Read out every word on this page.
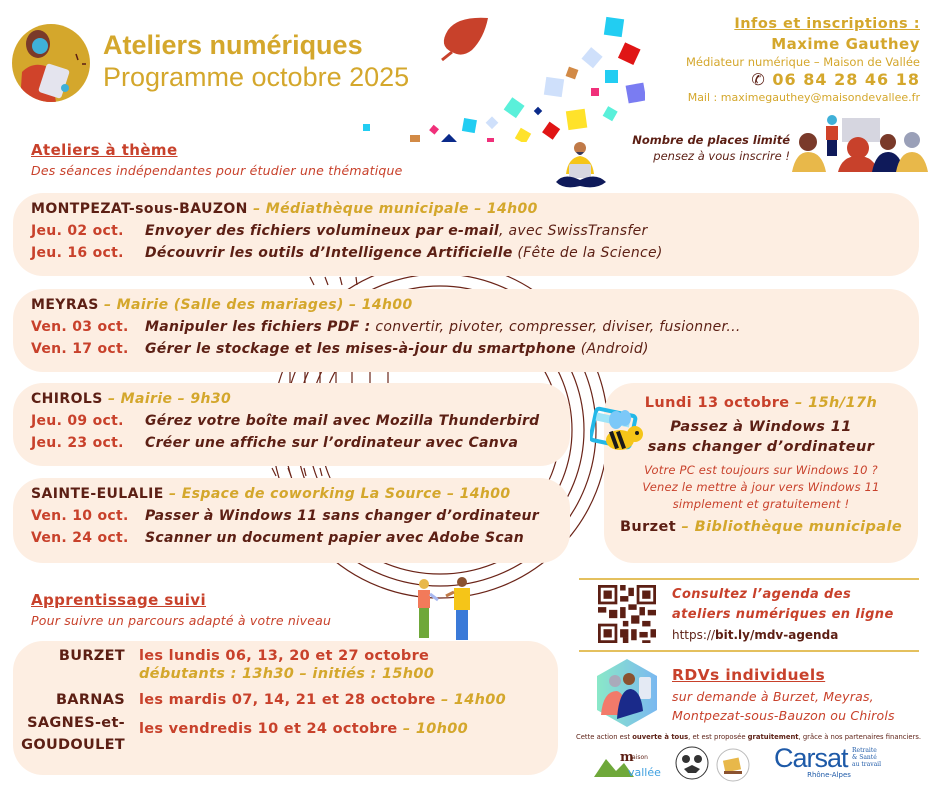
Ateliers numériques
Programme octobre 2025
Infos et inscriptions :
Maxime Gauthey
Médiateur numérique – Maison de Vallée
✆ 06 84 28 46 18
Mail : maximegauthey@maisondevallee.fr
Nombre de places limité
pensez à vous inscrire !
Ateliers à thème
Des séances indépendantes pour étudier une thématique
MONTPEZAT-sous-BAUZON – Médiathèque municipale – 14h00
Jeu. 02 oct.	Envoyer des fichiers volumineux par e-mail, avec SwissTransfer
Jeu. 16 oct.	Découvrir les outils d’Intelligence Artificielle (Fête de la Science)
MEYRAS – Mairie (Salle des mariages) – 14h00
Ven. 03 oct.	Manipuler les fichiers PDF : convertir, pivoter, compresser, diviser, fusionner...
Ven. 17 oct.	Gérer le stockage et les mises-à-jour du smartphone (Android)
CHIROLS – Mairie – 9h30
Jeu. 09 oct.	Gérez votre boîte mail avec Mozilla Thunderbird
Jeu. 23 oct.	Créer une affiche sur l’ordinateur avec Canva
SAINTE-EULALIE – Espace de coworking La Source – 14h00
Ven. 10 oct.	Passer à Windows 11 sans changer d’ordinateur
Ven. 24 oct.	Scanner un document papier avec Adobe Scan
Lundi 13 octobre – 15h/17h
Passez à Windows 11
sans changer d’ordinateur
Votre PC est toujours sur Windows 10 ?
Venez le mettre à jour vers Windows 11
simplement et gratuitement !
Burzet – Bibliothèque municipale
Apprentissage suivi
Pour suivre un parcours adapté à votre niveau
BURZET les lundis 06, 13, 20 et 27 octobre
débutants : 13h30 – initiés : 15h00
BARNAS les mardis 07, 14, 21 et 28 octobre – 14h00
SAGNES-et-
GOUDOULET
les vendredis 10 et 24 octobre – 10h00
Consultez l’agenda des
ateliers numériques en ligne
https://bit.ly/mdv-agenda
RDVs individuels
sur demande à Burzet, Meyras,
Montpezat-sous-Bauzon ou Chirols
Cette action est ouverte à tous, et est proposée gratuitement, grâce à nos partenaires financiers.
m
aison
vallée	Carsat Retraite
& Santé
au travail
Rhône-Alpes
